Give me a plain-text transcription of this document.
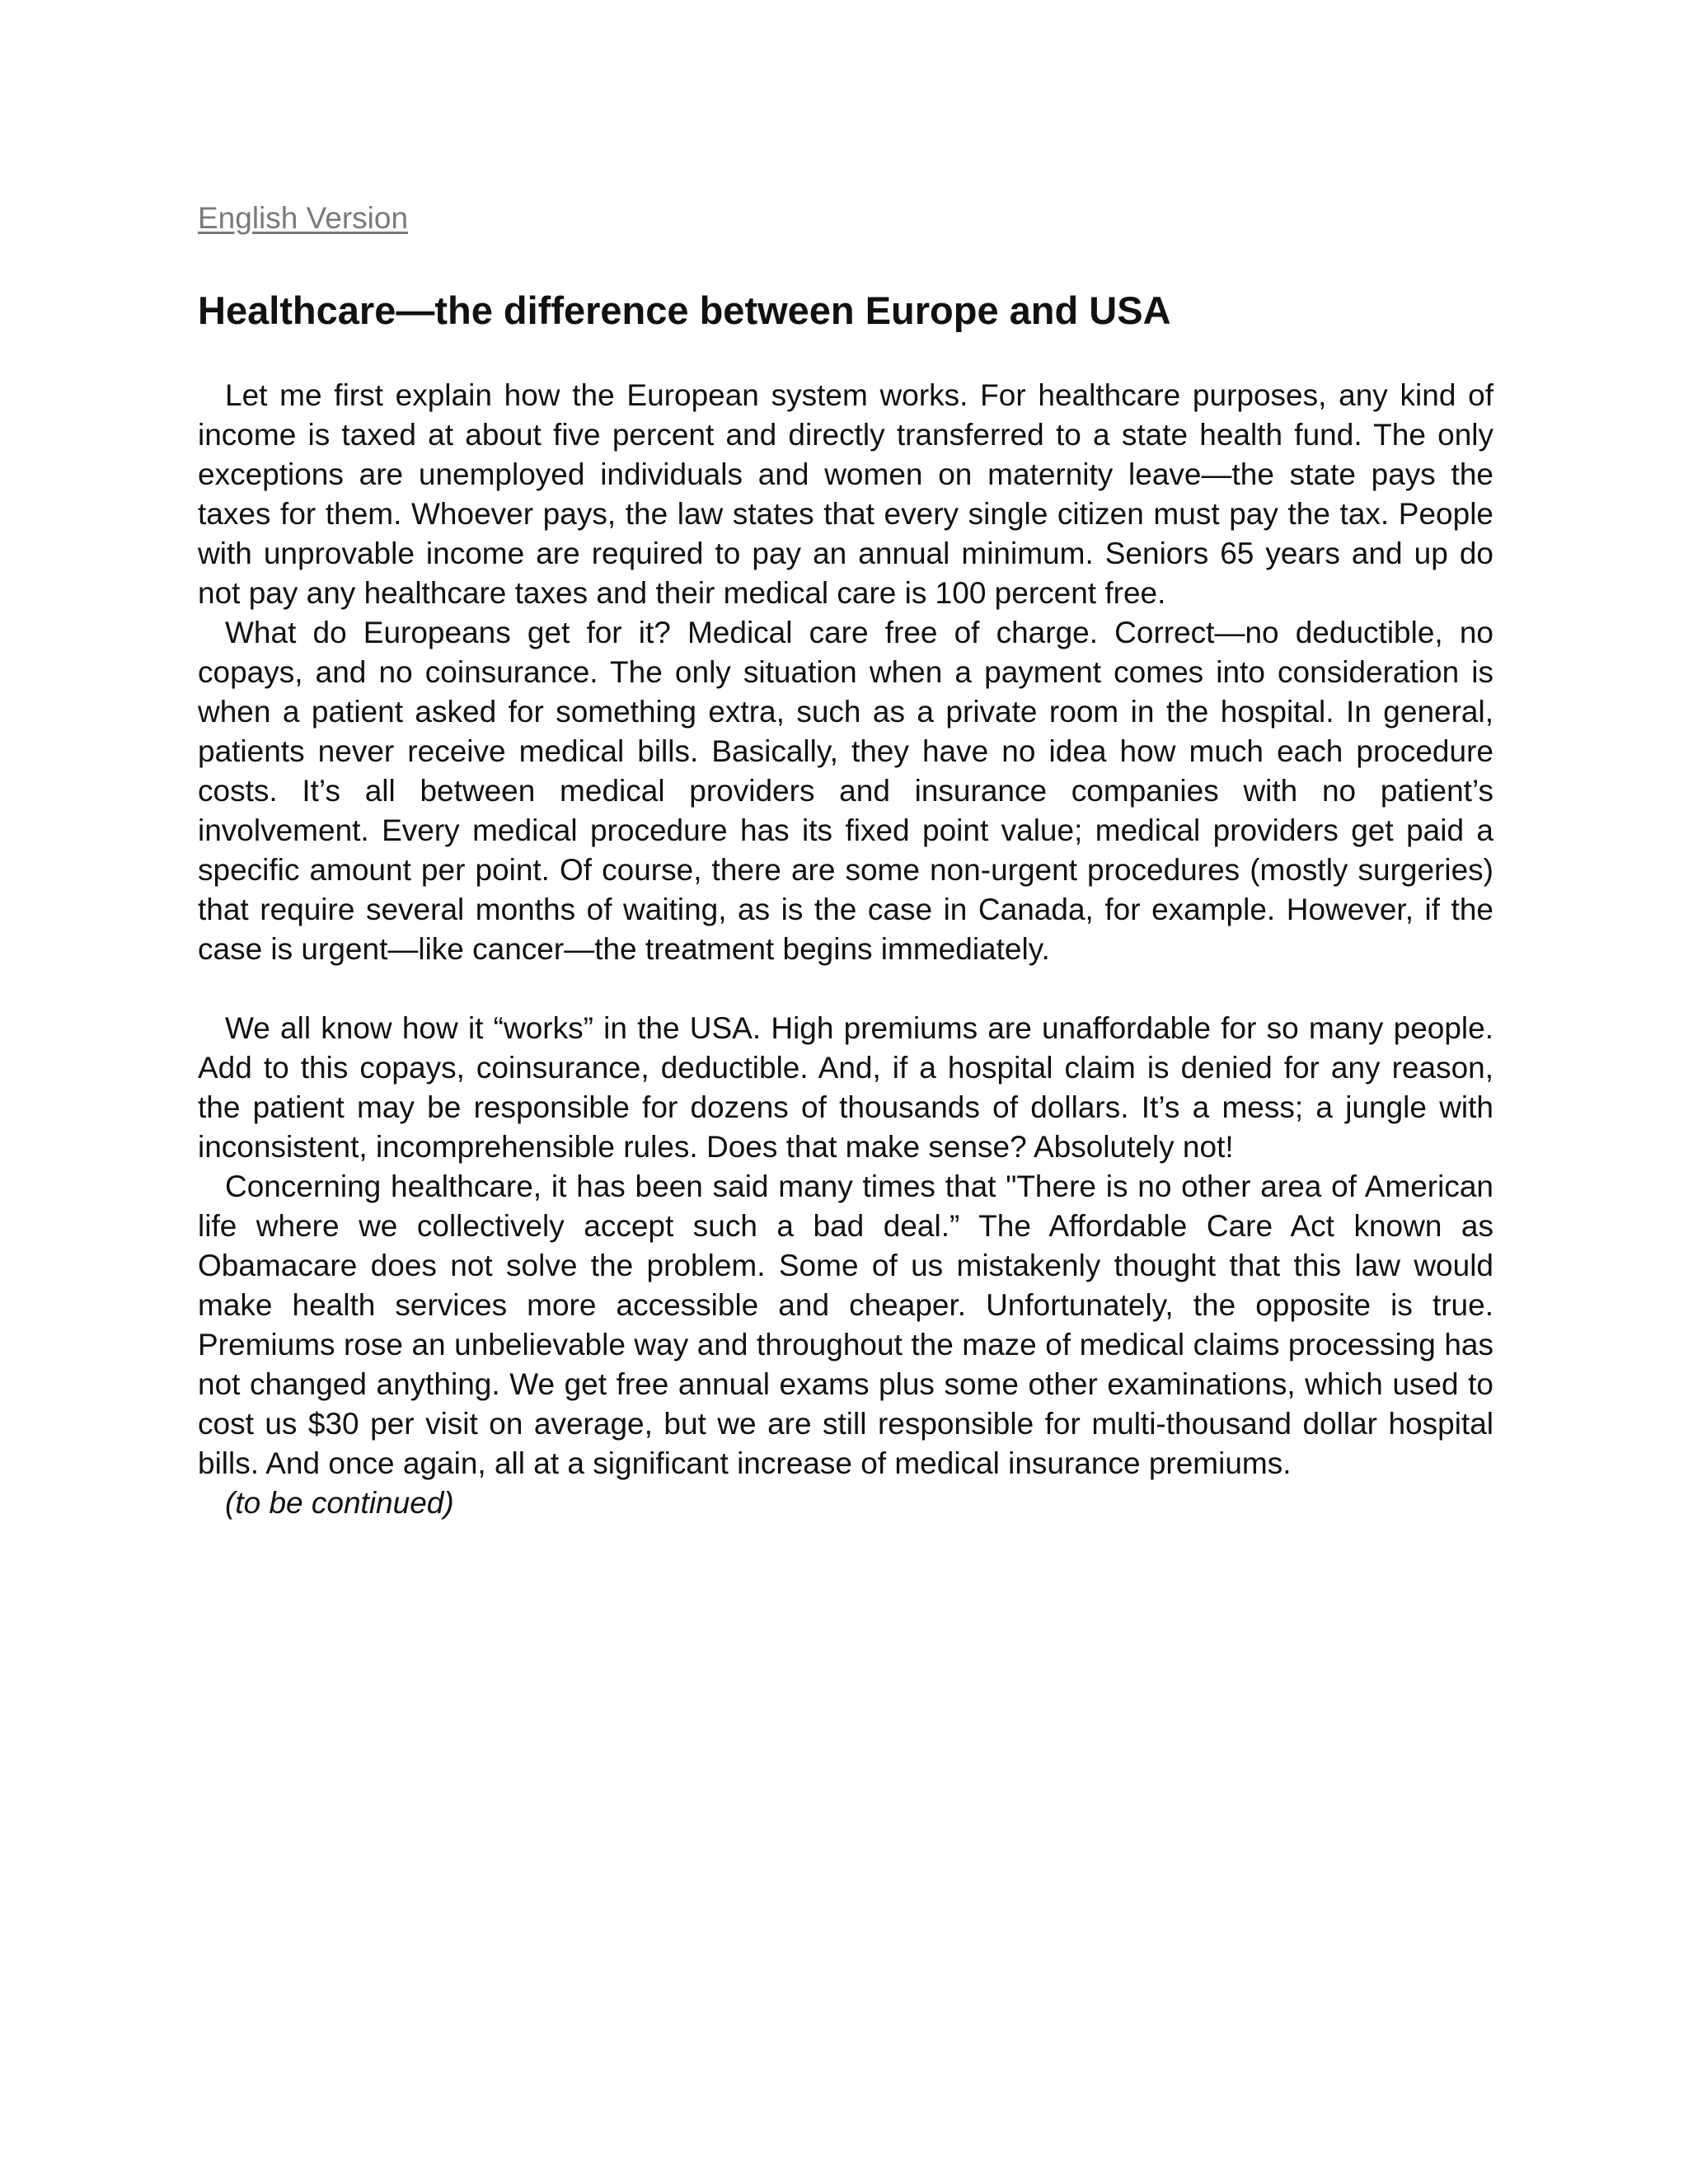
English Version
Healthcare—the difference between Europe and USA

Let me first explain how the European system works. For healthcare purposes, any kind of income is taxed at about five percent and directly transferred to a state health fund. The only exceptions are unemployed individuals and women on maternity leave—the state pays the taxes for them. Whoever pays, the law states that every single citizen must pay the tax. People with unprovable income are required to pay an annual minimum. Seniors 65 years and up do not pay any healthcare taxes and their medical care is 100 percent free.

What do Europeans get for it? Medical care free of charge. Correct—no deductible, no copays, and no coinsurance. The only situation when a payment comes into consideration is when a patient asked for something extra, such as a private room in the hospital. In general, patients never receive medical bills. Basically, they have no idea how much each procedure costs. It’s all between medical providers and insurance companies with no patient’s involvement. Every medical procedure has its fixed point value; medical providers get paid a specific amount per point. Of course, there are some non-urgent procedures (mostly surgeries) that require several months of waiting, as is the case in Canada, for example. However, if the case is urgent—like cancer—the treatment begins immediately.

We all know how it “works” in the USA. High premiums are unaffordable for so many people. Add to this copays, coinsurance, deductible. And, if a hospital claim is denied for any reason, the patient may be responsible for dozens of thousands of dollars. It’s a mess; a jungle with inconsistent, incomprehensible rules. Does that make sense? Absolutely not!

Concerning healthcare, it has been said many times that "There is no other area of American life where we collectively accept such a bad deal.” The Affordable Care Act known as Obamacare does not solve the problem. Some of us mistakenly thought that this law would make health services more accessible and cheaper. Unfortunately, the opposite is true. Premiums rose an unbelievable way and throughout the maze of medical claims processing has not changed anything. We get free annual exams plus some other examinations, which used to cost us $30 per visit on average, but we are still responsible for multi-thousand dollar hospital bills. And once again, all at a significant increase of medical insurance premiums.

(to be continued)
